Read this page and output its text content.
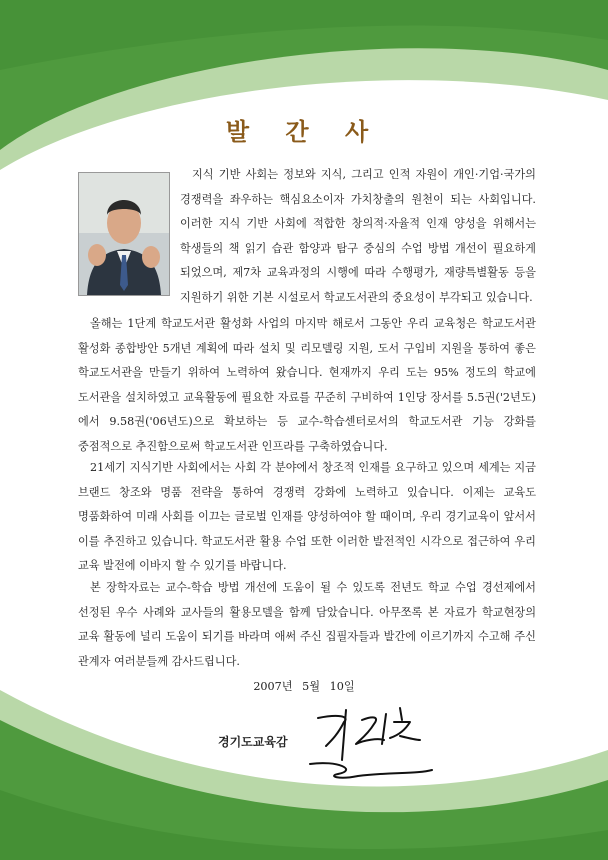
발 간 사
지식 기반 사회는 정보와 지식, 그리고 인적 자원이 개인·기업·국가의 경쟁력을 좌우하는 핵심요소이자 가치창출의 원천이 되는 사회입니다. 이러한 지식 기반 사회에 적합한 창의적·자율적 인재 양성을 위해서는 학생들의 책 읽기 습관 함양과 탐구 중심의 수업 방법 개선이 필요하게 되었으며, 제7차 교육과정의 시행에 따라 수행평가, 재량특별활동 등을 지원하기 위한 기본 시설로서 학교도서관의 중요성이 부각되고 있습니다.
올해는 1단계 학교도서관 활성화 사업의 마지막 해로서 그동안 우리 교육청은 학교도서관 활성화 종합방안 5개년 계획에 따라 설치 및 리모델링 지원, 도서 구입비 지원을 통하여 좋은 학교도서관을 만들기 위하여 노력하여 왔습니다. 현재까지 우리 도는 95% 정도의 학교에 도서관을 설치하였고 교육활동에 필요한 자료를 꾸준히 구비하여 1인당 장서를 5.5권('2년도)에서 9.58권('06년도)으로 확보하는 등 교수-학습센터로서의 학교도서관 기능 강화를 중점적으로 추진함으로써 학교도서관 인프라를 구축하였습니다.
21세기 지식기반 사회에서는 사회 각 분야에서 창조적 인재를 요구하고 있으며 세계는 지금 브랜드 창조와 명품 전략을 통하여 경쟁력 강화에 노력하고 있습니다. 이제는 교육도 명품화하여 미래 사회를 이끄는 글로벌 인재를 양성하여야 할 때이며, 우리 경기교육이 앞서서 이를 추진하고 있습니다. 학교도서관 활용 수업 또한 이러한 발전적인 시각으로 접근하여 우리 교육 발전에 이바지 할 수 있기를 바랍니다.
본 장학자료는 교수-학습 방법 개선에 도움이 될 수 있도록 전년도 학교 수업 경선제에서 선정된 우수 사례와 교사들의 활용모델을 함께 담았습니다. 아무쪼록 본 자료가 학교현장의 교육 활동에 널리 도움이 되기를 바라며 애써 주신 집필자들과 발간에 이르기까지 수고해 주신 관계자 여러분들께 감사드립니다.
2007년 5월 10일
경기도교육감
